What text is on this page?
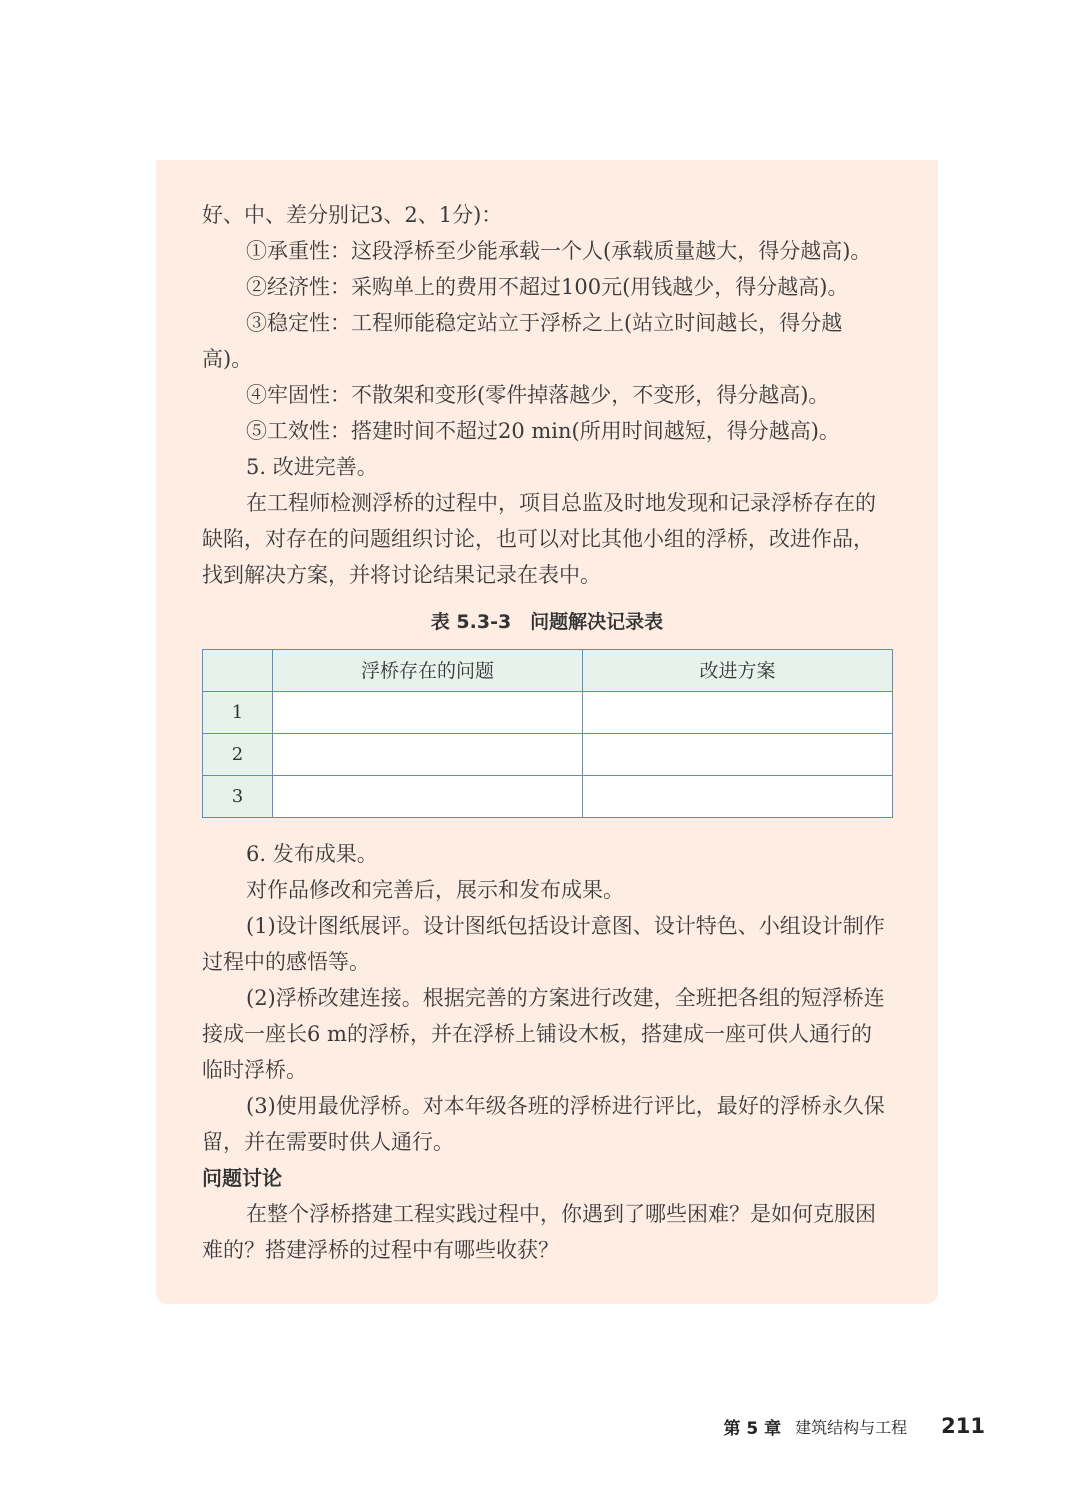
好、中、差分别记3、2、1分)：

①承重性：这段浮桥至少能承载一个人(承载质量越大，得分越高)。

②经济性：采购单上的费用不超过100元(用钱越少，得分越高)。

③稳定性：工程师能稳定站立于浮桥之上(站立时间越长，得分越高)。

④牢固性：不散架和变形(零件掉落越少，不变形，得分越高)。

⑤工效性：搭建时间不超过20 min(所用时间越短，得分越高)。

5. 改进完善。

在工程师检测浮桥的过程中，项目总监及时地发现和记录浮桥存在的缺陷，对存在的问题组织讨论，也可以对比其他小组的浮桥，改进作品，找到解决方案，并将讨论结果记录在表中。

表 5.3-3　问题解决记录表

	浮桥存在的问题	改进方案
1		
2		
3		

6. 发布成果。

对作品修改和完善后，展示和发布成果。

(1)设计图纸展评。设计图纸包括设计意图、设计特色、小组设计制作过程中的感悟等。

(2)浮桥改建连接。根据完善的方案进行改建，全班把各组的短浮桥连接成一座长6 m的浮桥，并在浮桥上铺设木板，搭建成一座可供人通行的临时浮桥。

(3)使用最优浮桥。对本年级各班的浮桥进行评比，最好的浮桥永久保留，并在需要时供人通行。

问题讨论

在整个浮桥搭建工程实践过程中，你遇到了哪些困难？是如何克服困难的？搭建浮桥的过程中有哪些收获？

第 5 章 建筑结构与工程 211
